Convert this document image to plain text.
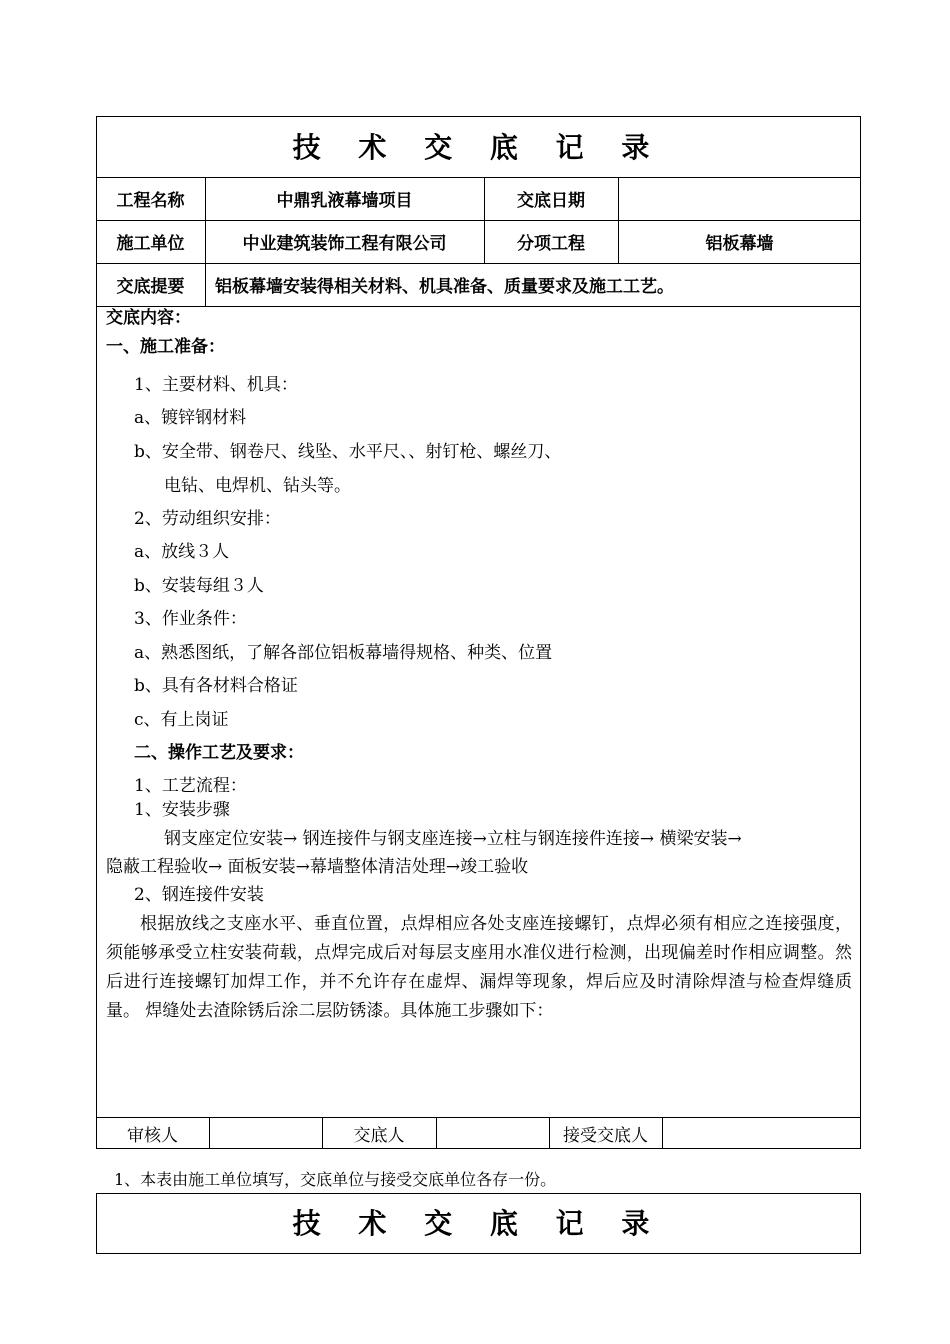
技 术 交 底 记 录
工程名称	中鼎乳液幕墙项目	交底日期
施工单位	中业建筑装饰工程有限公司	分项工程	铝板幕墙
交底提要	铝板幕墙安装得相关材料、机具准备、质量要求及施工工艺。
交底内容：
一、施工准备：
1、主要材料、机具：
a、镀锌钢材料
b、安全带、钢卷尺、线坠、水平尺、、射钉枪、螺丝刀、
电钻、电焊机、钻头等。
2、劳动组织安排：
a、放线３人
b、安装每组３人
3、作业条件：
a、熟悉图纸，了解各部位铝板幕墙得规格、种类、位置
b、具有各材料合格证
c、有上岗证
二、操作工艺及要求：
1、工艺流程：
1、安装步骤
钢支座定位安装→ 钢连接件与钢支座连接→立柱与钢连接件连接→ 横梁安装→
隐蔽工程验收→ 面板安装→幕墙整体清洁处理→竣工验收
2、钢连接件安装
根据放线之支座水平、垂直位置，点焊相应各处支座连接螺钉，点焊必须有相应之连接强度，须能够承受立柱安装荷载，点焊完成后对每层支座用水准仪进行检测，出现偏差时作相应调整。然后进行连接螺钉加焊工作，并不允许存在虚焊、漏焊等现象，焊后应及时清除焊渣与检查焊缝质量。 焊缝处去渣除锈后涂二层防锈漆。具体施工步骤如下：
审核人	交底人	接受交底人
1、本表由施工单位填写，交底单位与接受交底单位各存一份。
技 术 交 底 记 录
